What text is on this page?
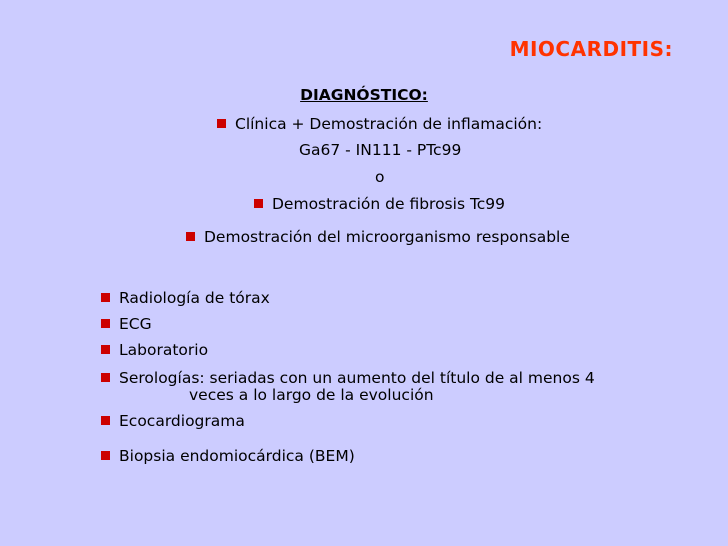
MIOCARDITIS:
DIAGNÓSTICO:
Clínica + Demostración de inflamación:
Ga67 - IN111 - PTc99
o
Demostración de fibrosis Tc99
Demostración del microorganismo responsable
Radiología de tórax
ECG
Laboratorio
Serologías: seriadas con un aumento del título de al menos 4
veces a lo largo de la evolución
Ecocardiograma
Biopsia endomiocárdica (BEM)
